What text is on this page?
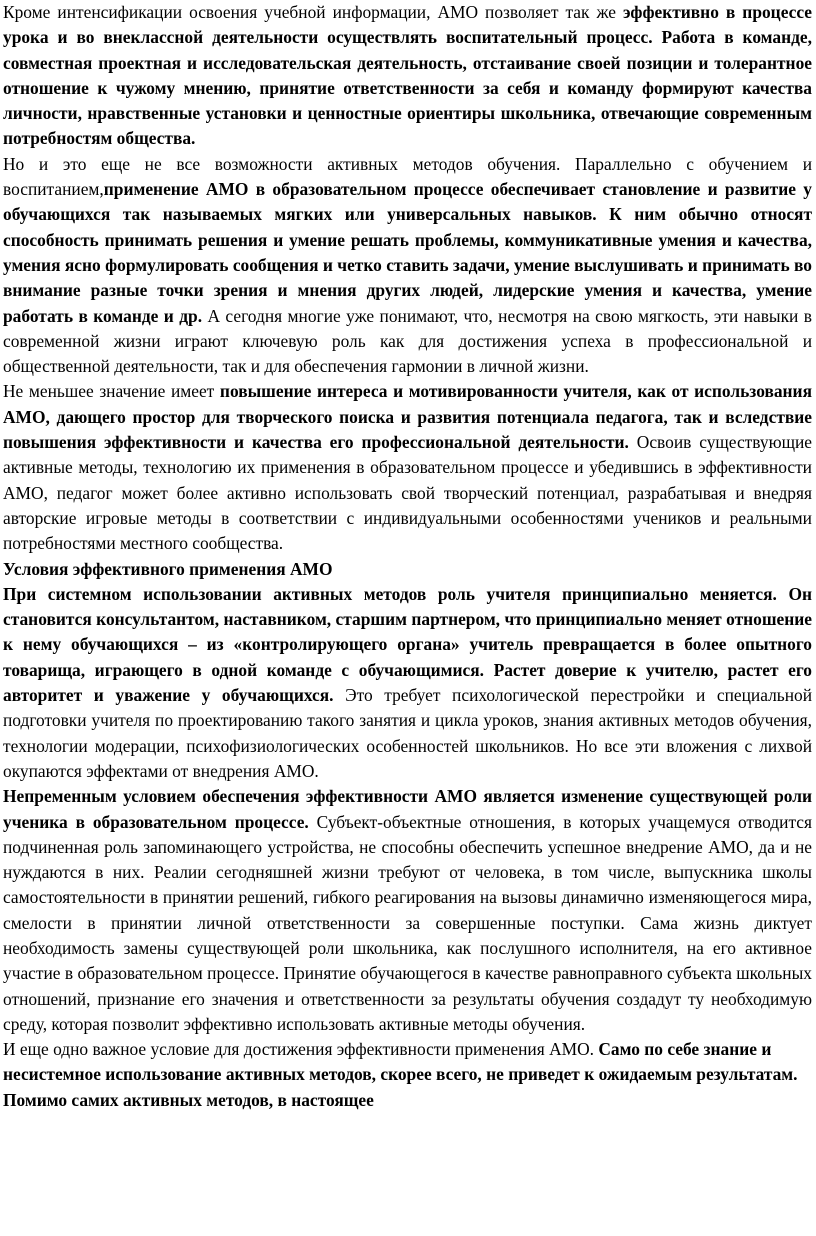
Кроме интенсификации освоения учебной информации, АМО позволяет так же эффективно в процессе урока и во внеклассной деятельности осуществлять воспитательный процесс. Работа в команде, совместная проектная и исследовательская деятельность, отстаивание своей позиции и толерантное отношение к чужому мнению, принятие ответственности за себя и команду формируют качества личности, нравственные установки и ценностные ориентиры школьника, отвечающие современным потребностям общества.

Но и это еще не все возможности активных методов обучения. Параллельно с обучением и воспитанием,применение АМО в образовательном процессе обеспечивает становление и развитие у обучающихся так называемых мягких или универсальных навыков. К ним обычно относят способность принимать решения и умение решать проблемы, коммуникативные умения и качества, умения ясно формулировать сообщения и четко ставить задачи, умение выслушивать и принимать во внимание разные точки зрения и мнения других людей, лидерские умения и качества, умение работать в команде и др. А сегодня многие уже понимают, что, несмотря на свою мягкость, эти навыки в современной жизни играют ключевую роль как для достижения успеха в профессиональной и общественной деятельности, так и для обеспечения гармонии в личной жизни.

Не меньшее значение имеет повышение интереса и мотивированности учителя, как от использования АМО, дающего простор для творческого поиска и развития потенциала педагога, так и вследствие повышения эффективности и качества его профессиональной деятельности. Освоив существующие активные методы, технологию их применения в образовательном процессе и убедившись в эффективности АМО, педагог может более активно использовать свой творческий потенциал, разрабатывая и внедряя авторские игровые методы в соответствии с индивидуальными особенностями учеников и реальными потребностями местного сообщества.

Условия эффективного применения АМО

При системном использовании активных методов роль учителя принципиально меняется. Он становится консультантом, наставником, старшим партнером, что принципиально меняет отношение к нему обучающихся – из «контролирующего органа» учитель превращается в более опытного товарища, играющего в одной команде с обучающимися. Растет доверие к учителю, растет его авторитет и уважение у обучающихся. Это требует психологической перестройки и специальной подготовки учителя по проектированию такого занятия и цикла уроков, знания активных методов обучения, технологии модерации, психофизиологических особенностей школьников. Но все эти вложения с лихвой окупаются эффектами от внедрения АМО.

Непременным условием обеспечения эффективности АМО является изменение существующей роли ученика в образовательном процессе. Субъект-объектные отношения, в которых учащемуся отводится подчиненная роль запоминающего устройства, не способны обеспечить успешное внедрение АМО, да и не нуждаются в них. Реалии сегодняшней жизни требуют от человека, в том числе, выпускника школы самостоятельности в принятии решений, гибкого реагирования на вызовы динамично изменяющегося мира, смелости в принятии личной ответственности за совершенные поступки. Сама жизнь диктует необходимость замены существующей роли школьника, как послушного исполнителя, на его активное участие в образовательном процессе. Принятие обучающегося в качестве равноправного субъекта школьных отношений, признание его значения и ответственности за результаты обучения создадут ту необходимую среду, которая позволит эффективно использовать активные методы обучения.

И еще одно важное условие для достижения эффективности применения АМО. Само по себе знание и несистемное использование активных методов, скорее всего, не приведет к ожидаемым результатам. Помимо самих активных методов, в настоящее
